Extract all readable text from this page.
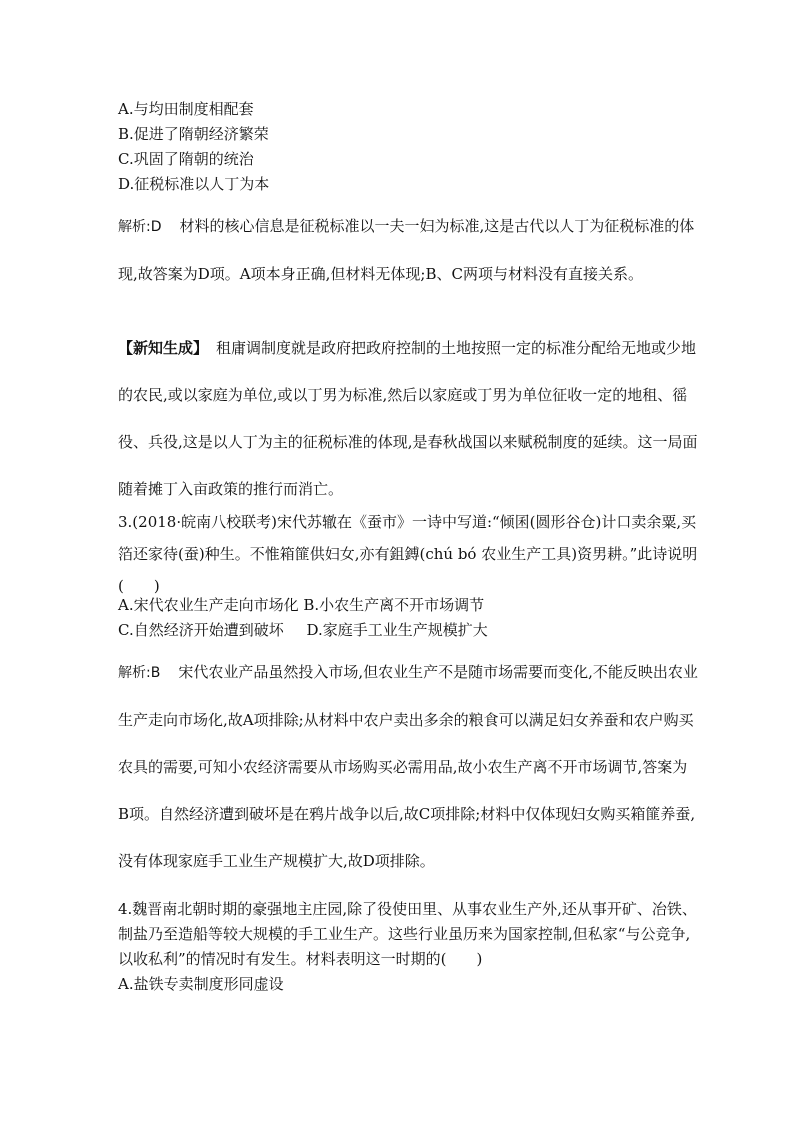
A.与均田制度相配套

B.促进了隋朝经济繁荣

C.巩固了隋朝的统治

D.征税标准以人丁为本

解析:D 材料的核心信息是征税标准以一夫一妇为标准,这是古代以人丁为征税标准的体现,故答案为D项。A项本身正确,但材料无体现;B、C两项与材料没有直接关系。

【新知生成】 租庸调制度就是政府把政府控制的土地按照一定的标准分配给无地或少地的农民,或以家庭为单位,或以丁男为标准,然后以家庭或丁男为单位征收一定的地租、徭役、兵役,这是以人丁为主的征税标准的体现,是春秋战国以来赋税制度的延续。这一局面随着摊丁入亩政策的推行而消亡。

3.(2018·皖南八校联考)宋代苏辙在《蚕市》一诗中写道:“倾囷(圆形谷仓)计口卖余粟,买箔还家待(蚕)种生。不惟箱篚供妇女,亦有鉏鎛(chú bó 农业生产工具)资男耕。”此诗说明(　　)

A.宋代农业生产走向市场化 B.小农生产离不开市场调节

C.自然经济开始遭到破坏 D.家庭手工业生产规模扩大

解析:B 宋代农业产品虽然投入市场,但农业生产不是随市场需要而变化,不能反映出农业生产走向市场化,故A项排除;从材料中农户卖出多余的粮食可以满足妇女养蚕和农户购买农具的需要,可知小农经济需要从市场购买必需用品,故小农生产离不开市场调节,答案为B项。自然经济遭到破坏是在鸦片战争以后,故C项排除;材料中仅体现妇女购买箱篚养蚕,没有体现家庭手工业生产规模扩大,故D项排除。

4.魏晋南北朝时期的豪强地主庄园,除了役使田里、从事农业生产外,还从事开矿、冶铁、制盐乃至造船等较大规模的手工业生产。这些行业虽历来为国家控制,但私家“与公竞争,以收私利”的情况时有发生。材料表明这一时期的(　　)

A.盐铁专卖制度形同虚设
